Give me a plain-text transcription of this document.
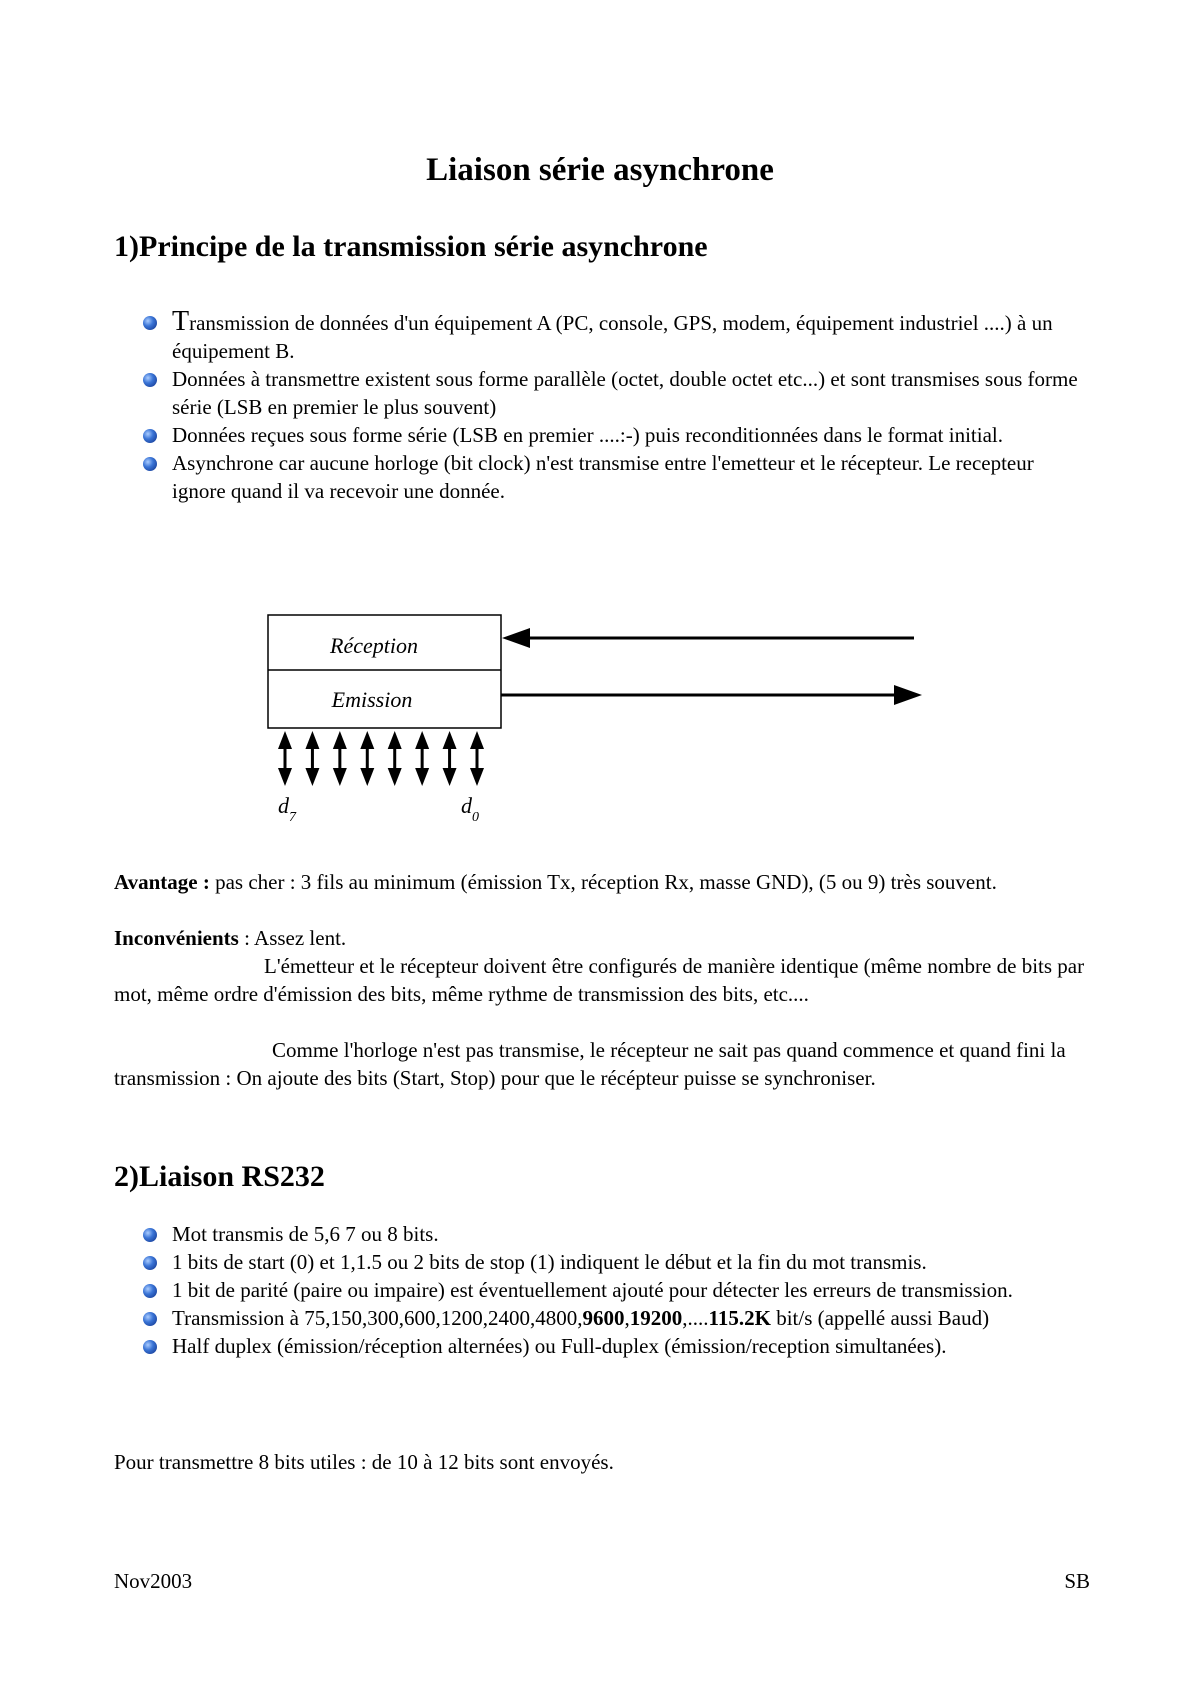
Liaison série asynchrone
1)Principe de la transmission série asynchrone
Transmission de données d'un équipement A (PC, console, GPS, modem, équipement industriel ....) à un équipement B.
Données à transmettre existent sous forme parallèle (octet, double octet etc...) et sont transmises sous forme série (LSB en premier le plus souvent)
Données reçues sous forme série (LSB en premier ....:-) puis reconditionnées dans le format initial.
Asynchrone car aucune horloge (bit clock) n'est transmise entre l'emetteur et le récepteur. Le recepteur ignore quand il va recevoir une donnée.
Réception
Emission
$d_7$	$d_0$

Avantage : pas cher : 3 fils au minimum (émission Tx, réception Rx, masse GND), (5 ou 9) très souvent.

Inconvénients : Assez lent.

L'émetteur et le récepteur doivent être configurés de manière identique (même nombre de bits par mot, même ordre d'émission des bits, même rythme de transmission des bits, etc....

Comme l'horloge n'est pas transmise, le récepteur ne sait pas quand commence et quand fini la transmission : On ajoute des bits (Start, Stop) pour que le récépteur puisse se synchroniser.

2)Liaison RS232
Mot transmis de 5,6 7 ou 8 bits.
1 bits de start (0) et 1,1.5 ou 2 bits de stop (1) indiquent le début et la fin du mot transmis.
1 bit de parité (paire ou impaire) est éventuellement ajouté pour détecter les erreurs de transmission.
Transmission à 75,150,300,600,1200,2400,4800,9600,19200,....115.2K bit/s (appellé aussi Baud)
Half duplex (émission/réception alternées) ou Full-duplex (émission/reception simultanées).

Pour transmettre 8 bits utiles : de 10 à 12 bits sont envoyés.

Nov2003	SB
